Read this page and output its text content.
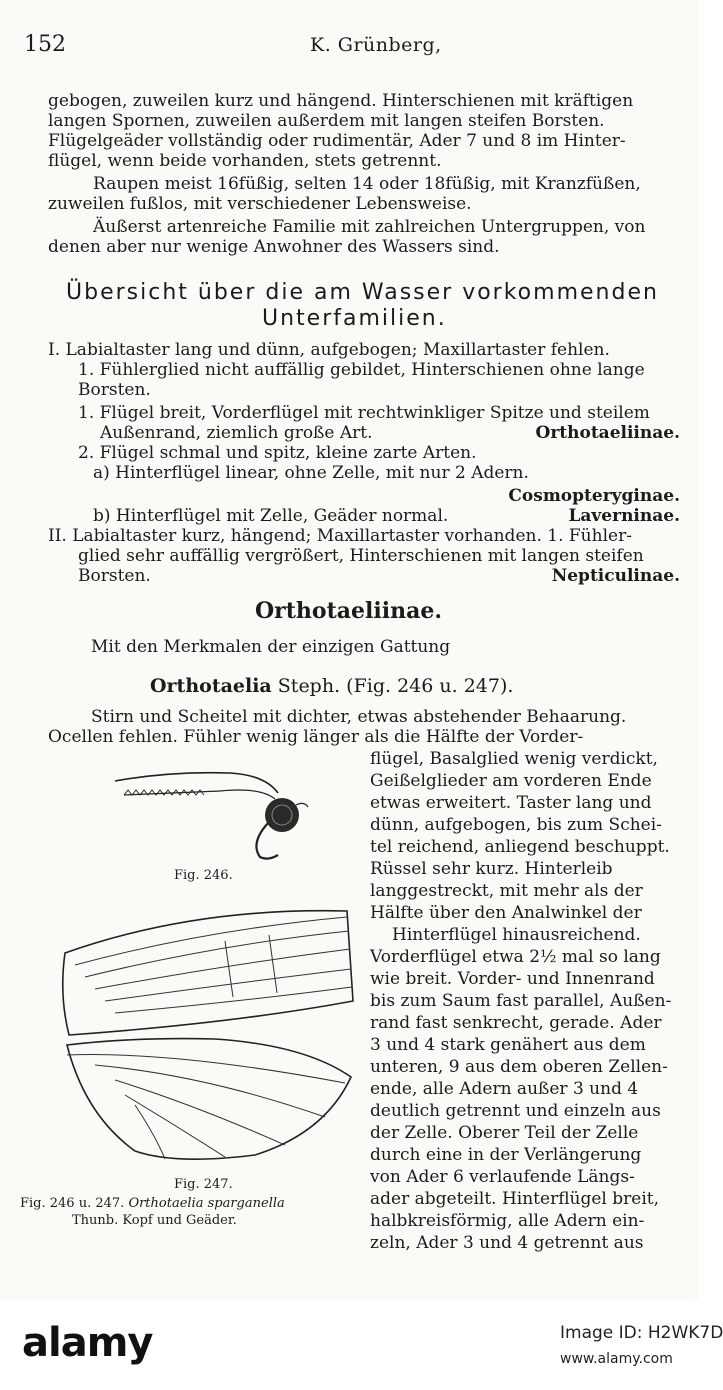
152	K. Grünberg,
gebogen, zuweilen kurz und hängend. Hinterschienen mit kräftigen
langen Spornen, zuweilen außerdem mit langen steifen Borsten.
Flügelgeäder vollständig oder rudimentär, Ader 7 und 8 im Hinter-
flügel, wenn beide vorhanden, stets getrennt.
Raupen meist 16füßig, selten 14 oder 18füßig, mit Kranzfüßen,
zuweilen fußlos, mit verschiedener Lebensweise.
Äußerst artenreiche Familie mit zahlreichen Untergruppen, von
denen aber nur wenige Anwohner des Wassers sind.
Übersicht über die am Wasser vorkommenden
Unterfamilien.
I. Labialtaster lang und dünn, aufgebogen; Maxillartaster fehlen.
1. Fühlerglied nicht auffällig gebildet, Hinterschienen ohne lange
Borsten.
1. Flügel breit, Vorderflügel mit rechtwinkliger Spitze und steilem
Außenrand, ziemlich große Art.	Orthotaeliinae.
2. Flügel schmal und spitz, kleine zarte Arten.
a) Hinterflügel linear, ohne Zelle, mit nur 2 Adern.
Cosmopteryginae.
b) Hinterflügel mit Zelle, Geäder normal.	Laverninae.
II. Labialtaster kurz, hängend; Maxillartaster vorhanden. 1. Fühler-
glied sehr auffällig vergrößert, Hinterschienen mit langen steifen
Borsten.	Nepticulinae.
Orthotaeliinae.
Mit den Merkmalen der einzigen Gattung
Orthotaelia Steph. (Fig. 246 u. 247).
Stirn und Scheitel mit dichter, etwas abstehender Behaarung.
Ocellen fehlen. Fühler wenig länger als die Hälfte der Vorder-
flügel, Basalglied wenig verdickt,
Geißelglieder am vorderen Ende
etwas erweitert. Taster lang und
dünn, aufgebogen, bis zum Schei-
tel reichend, anliegend beschuppt.
Rüssel sehr kurz. Hinterleib
langgestreckt, mit mehr als der
Hälfte über den Analwinkel der
Hinterflügel hinausreichend.
Vorderflügel etwa 2½ mal so lang
wie breit. Vorder- und Innenrand
bis zum Saum fast parallel, Außen-
rand fast senkrecht, gerade. Ader
3 und 4 stark genähert aus dem
unteren, 9 aus dem oberen Zellen-
ende, alle Adern außer 3 und 4
deutlich getrennt und einzeln aus
der Zelle. Oberer Teil der Zelle
durch eine in der Verlängerung
von Ader 6 verlaufende Längs-
ader abgeteilt. Hinterflügel breit,
halbkreisförmig, alle Adern ein-
zeln, Ader 3 und 4 getrennt aus
Fig. 246.
Fig. 247.
Fig. 246 u. 247. Orthotaelia sparganella
Thunb. Kopf und Geäder.
alamy	Image ID: H2WK7D
www.alamy.com
